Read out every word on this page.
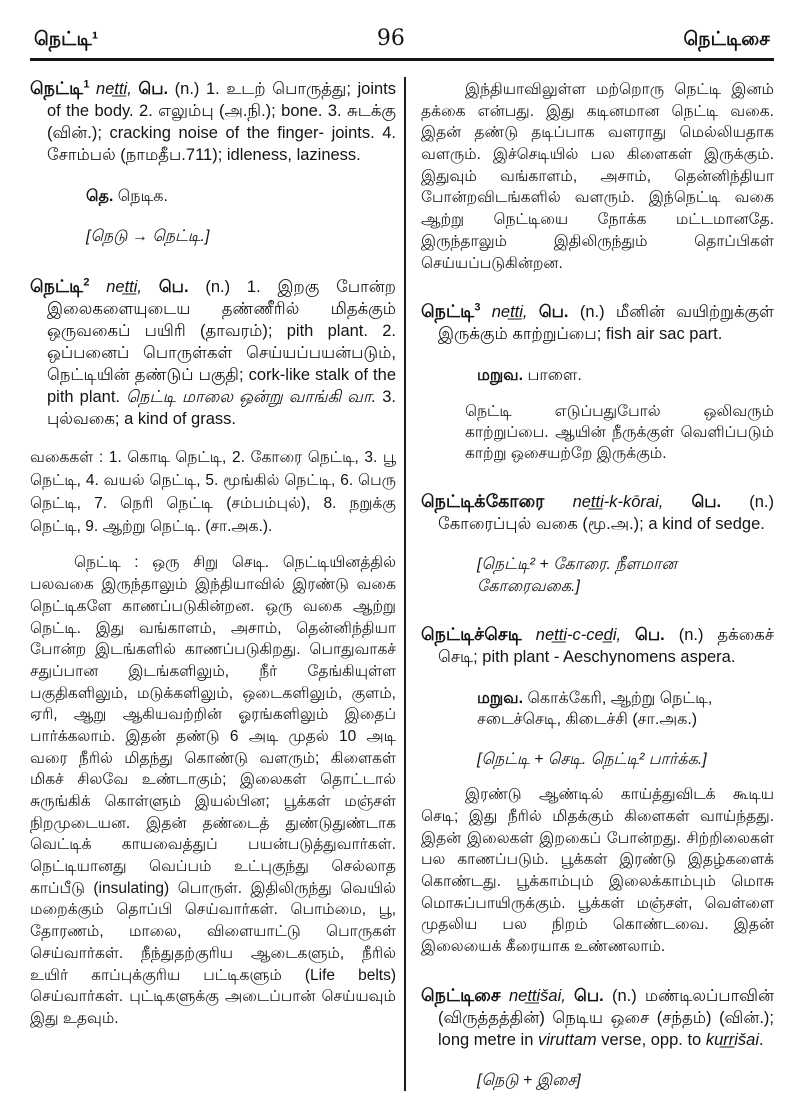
நெட்டி¹	96	நெட்டிசை

நெட்டி$^1$ net̲t̲i, பெ. (n.) 1. உடற் பொருத்து; joints of the body. 2. எலும்பு (அ.நி.); bone. 3. சுடக்கு (வின்.); cracking noise of the finger- joints. 4. சோம்பல் (நாமதீப.711); idleness, laziness.

தெ. நெடிக.

[நெடு → நெட்டி.]

நெட்டி$^2$ net̲t̲i, பெ. (n.) 1. இறகு போன்ற இலைகளையுடைய தண்ணீரில் மிதக்கும் ஒருவகைப் பயிரி (தாவரம்); pith plant. 2. ஒப்பனைப் பொருள்கள் செய்யப்பயன்படும், நெட்டியின் தண்டுப் பகுதி; cork-like stalk of the pith plant. நெட்டி மாலை ஒன்று வாங்கி வா. 3. புல்வகை; a kind of grass.

வகைகள் : 1. கொடி நெட்டி, 2. கோரை நெட்டி, 3. பூ நெட்டி, 4. வயல் நெட்டி, 5. மூங்கில் நெட்டி, 6. பெரு நெட்டி, 7. நெரி நெட்டி (சம்பம்புல்), 8. நறுக்கு நெட்டி, 9. ஆற்று நெட்டி. (சா.அக.).

நெட்டி : ஒரு சிறு செடி. நெட்டியினத்தில் பலவகை இருந்தாலும் இந்தியாவில் இரண்டு வகை நெட்டிகளே காணப்படுகின்றன. ஒரு வகை ஆற்று நெட்டி. இது வங்காளம், அசாம், தென்னிந்தியா போன்ற இடங்களில் காணப்படுகிறது. பொதுவாகச் சதுப்பான இடங்களிலும், நீர் தேங்கியுள்ள பகுதிகளிலும், மடுக்களிலும், ஒடைகளிலும், குளம், ஏரி, ஆறு ஆகியவற்றின் ஓரங்களிலும் இதைப் பார்க்கலாம். இதன் தண்டு 6 அடி முதல் 10 அடி வரை நீரில் மிதந்து கொண்டு வளரும்; கிளைகள் மிகச் சிலவே உண்டாகும்; இலைகள் தொட்டால் சுருங்கிக் கொள்ளும் இயல்பின; பூக்கள் மஞ்சள் நிறமுடையன. இதன் தண்டைத் துண்டுதுண்டாக வெட்டிக் காயவைத்துப் பயன்படுத்துவார்கள். நெட்டியானது வெப்பம் உட்புகுந்து செல்லாத காப்பீடு (insulating) பொருள். இதிலிருந்து வெயில் மறைக்கும் தொப்பி செய்வார்கள். பொம்மை, பூ, தோரணம், மாலை, விளையாட்டு பொருகள் செய்வார்கள். நீந்துதற்குரிய ஆடைகளும், நீரில் உயிர் காப்புக்குரிய பட்டிகளும் (Life belts) செய்வார்கள். புட்டிகளுக்கு அடைப்பான் செய்யவும் இது உதவும்.

இந்தியாவிலுள்ள மற்றொரு நெட்டி இனம் தக்கை என்பது. இது கடினமான நெட்டி வகை. இதன் தண்டு தடிப்பாக வளராது மெல்லியதாக வளரும். இச்செடியில் பல கிளைகள் இருக்கும். இதுவும் வங்காளம், அசாம், தென்னிந்தியா போன்றவிடங்களில் வளரும். இந்நெட்டி வகை ஆற்று நெட்டியை நோக்க மட்டமானதே. இருந்தாலும் இதிலிருந்தும் தொப்பிகள் செய்யப்படுகின்றன.

நெட்டி$^3$ net̲t̲i, பெ. (n.) மீனின் வயிற்றுக்குள் இருக்கும் காற்றுப்பை; fish air sac part.

மறுவ. பாளை.

நெட்டி எடுப்பதுபோல் ஒலிவரும் காற்றுப்பை. ஆயின் நீருக்குள் வெளிப்படும் காற்று ஒசையற்றே இருக்கும்.

நெட்டிக்கோரை net̲t̲i-k-kōrai, பெ. (n.) கோரைப்புல் வகை (மூ.அ.); a kind of sedge.

[நெட்டி² + கோரை. நீளமான கோரைவகை.]

நெட்டிச்செடி net̲t̲i-c-ced̲i, பெ. (n.) தக்கைச் செடி; pith plant - Aeschynomens aspera.

மறுவ. கொக்கேரி, ஆற்று நெட்டி, சடைச்செடி, கிடைச்சி (சா.அக.)

[நெட்டி + செடி. நெட்டி² பார்க்க.]

இரண்டு ஆண்டில் காய்த்துவிடக் கூடிய செடி; இது நீரில் மிதக்கும் கிளைகள் வாய்ந்தது. இதன் இலைகள் இறகைப் போன்றது. சிற்றிலைகள் பல காணப்படும். பூக்கள் இரண்டு இதழ்களைக் கொண்டது. பூக்காம்பும் இலைக்காம்பும் மொசு மொசுப்பாயிருக்கும். பூக்கள் மஞ்சள், வெள்ளை முதலிய பல நிறம் கொண்டவை. இதன் இலையைக் கீரையாக உண்ணலாம்.

நெட்டிசை net̲t̲išai, பெ. (n.) மண்டிலப்பாவின் (விருத்தத்தின்) நெடிய ஒசை (சந்தம்) (வின்.); long metre in viruttam verse, opp. to kur̲r̲išai.

[நெடு + இசை]
